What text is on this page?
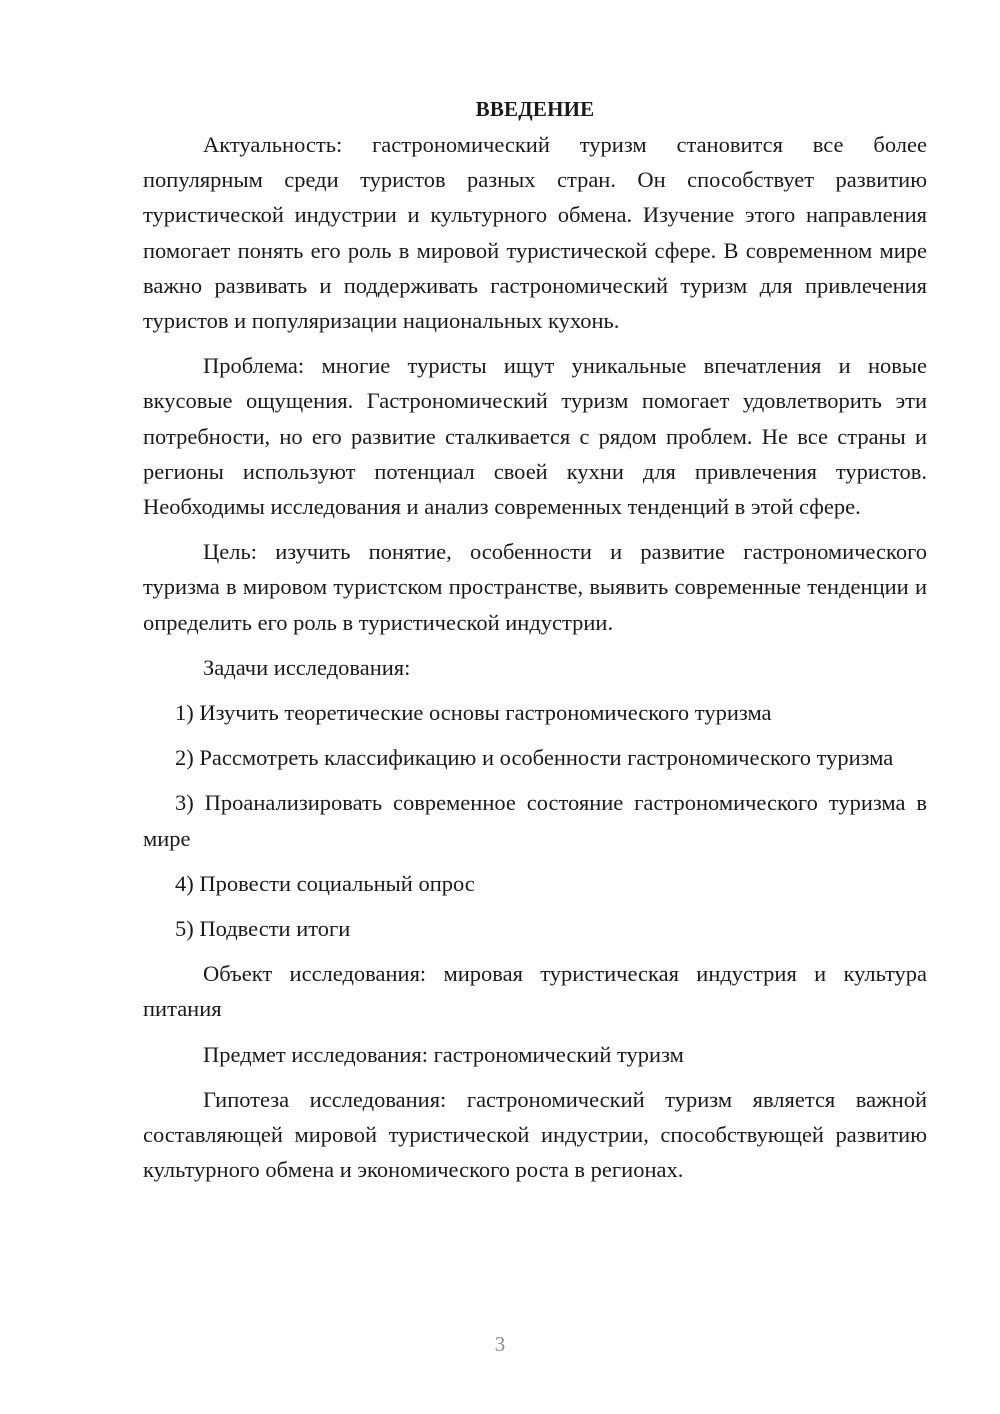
ВВЕДЕНИЕ

Актуальность: гастрономический туризм становится все более популярным среди туристов разных стран. Он способствует развитию туристической индустрии и культурного обмена. Изучение этого направления помогает понять его роль в мировой туристической сфере. В современном мире важно развивать и поддерживать гастрономический туризм для привлечения туристов и популяризации национальных кухонь.

Проблема: многие туристы ищут уникальные впечатления и новые вкусовые ощущения. Гастрономический туризм помогает удовлетворить эти потребности, но его развитие сталкивается с рядом проблем. Не все страны и регионы используют потенциал своей кухни для привлечения туристов. Необходимы исследования и анализ современных тенденций в этой сфере.

Цель: изучить понятие, особенности и развитие гастрономического туризма в мировом туристском пространстве, выявить современные тенденции и определить его роль в туристической индустрии.

Задачи исследования:

1) Изучить теоретические основы гастрономического туризма

2) Рассмотреть классификацию и особенности гастрономического туризма

3) Проанализировать современное состояние гастрономического туризма в мире

4) Провести социальный опрос

5) Подвести итоги

Объект исследования: мировая туристическая индустрия и культура питания

Предмет исследования: гастрономический туризм

Гипотеза исследования: гастрономический туризм является важной составляющей мировой туристической индустрии, способствующей развитию культурного обмена и экономического роста в регионах.

3
